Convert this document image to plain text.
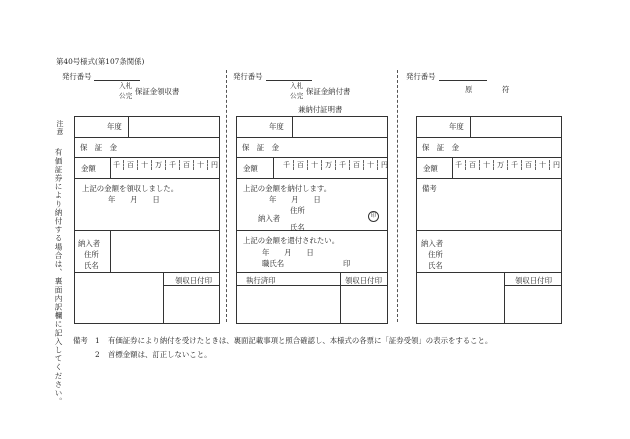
第40号様式(第107条関係)
注意
有価証券により納付する場合は、裏面内訳欄に記入してください。
発行番号
入札
公完 保証金領収書
年度
保　証　金
金額	千	百	十	万	千	百	十	円
上記の金額を領収しました。
年　　月　　日
納入者
住所
氏名
領収日付印
発行番号
入札
公完 保証金納付書
兼納付証明書
年度
保　証　金
金額	千	百	十	万	千	百	十	円
上記の金額を納付します。
年　　月　　日
住所
納入者
氏名
印
上記の金額を還付されたい。
年　　月　　日
職氏名	印
執行済印	領収日付印
発行番号
原　　　　符
年度
保　証　金
金額	千	百	十	万	千	百	十	円
備考
納入者
住所
氏名
領収日付印
備考 1 有価証券により納付を受けたときは、裏面記載事項と照合確認し、本様式の各票に「証券受領」の表示をすること。
2 首標金額は、訂正しないこと。
